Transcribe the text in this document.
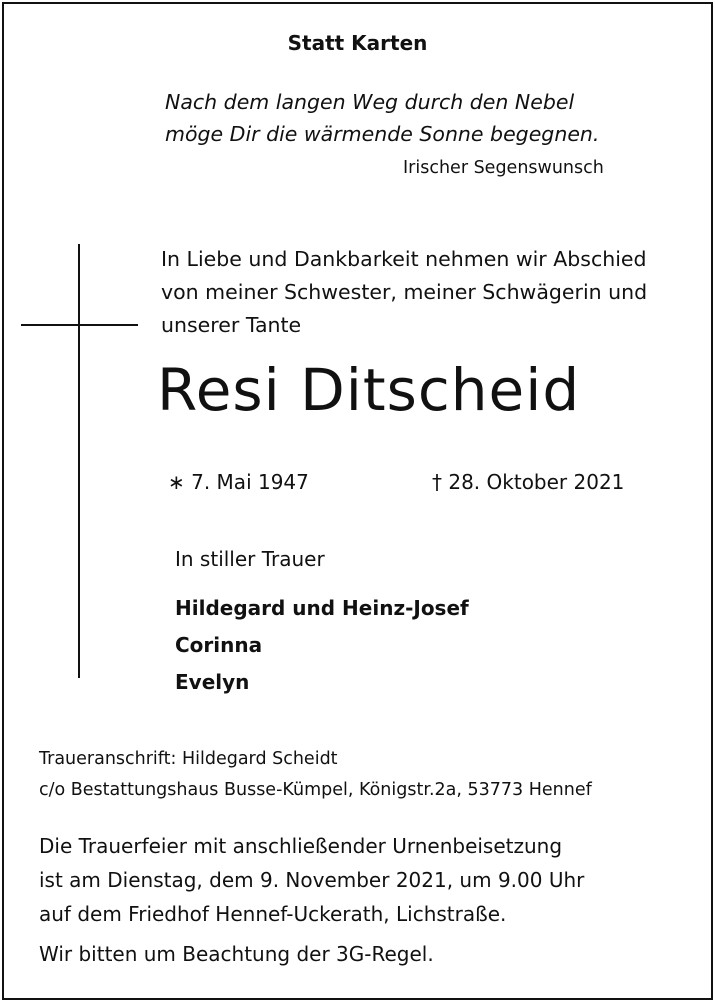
Statt Karten
Nach dem langen Weg durch den Nebel
möge Dir die wärmende Sonne begegnen.
Irischer Segenswunsch
In Liebe und Dankbarkeit nehmen wir Abschied
von meiner Schwester, meiner Schwägerin und
unserer Tante
Resi Ditscheid
∗ 7. Mai 1947	† 28. Oktober 2021
In stiller Trauer
Hildegard und Heinz-Josef
Corinna
Evelyn
Traueranschrift: Hildegard Scheidt
c/o Bestattungshaus Busse-Kümpel, Königstr.2a, 53773 Hennef
Die Trauerfeier mit anschließender Urnenbeisetzung
ist am Dienstag, dem 9. November 2021, um 9.00 Uhr
auf dem Friedhof Hennef-Uckerath, Lichstraße.
Wir bitten um Beachtung der 3G-Regel.
